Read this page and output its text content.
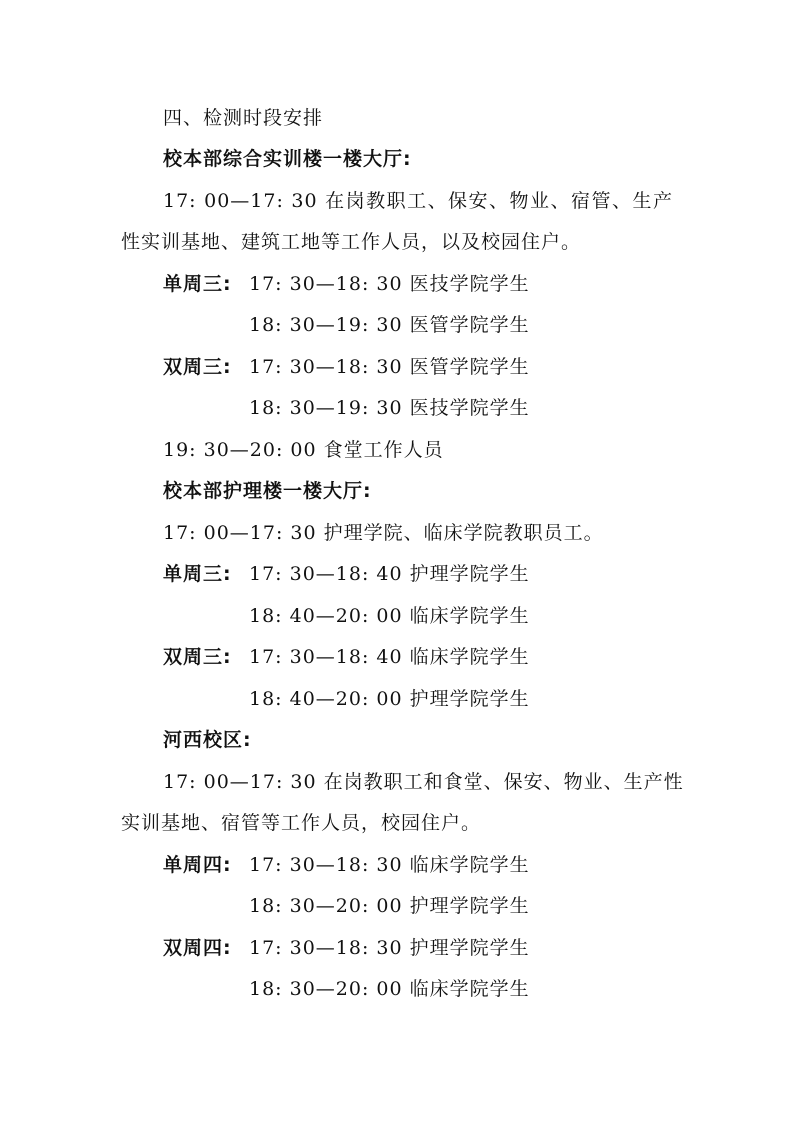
四、检测时段安排
校本部综合实训楼一楼大厅:
17: 00—17: 30 在岗教职工、保安、物业、宿管、生产
性实训基地、建筑工地等工作人员，以及校园住户。
单周三: 17: 30—18: 30 医技学院学生
18: 30—19: 30 医管学院学生
双周三: 17: 30—18: 30 医管学院学生
18: 30—19: 30 医技学院学生
19: 30—20: 00 食堂工作人员
校本部护理楼一楼大厅:
17: 00—17: 30 护理学院、临床学院教职员工。
单周三: 17: 30—18: 40 护理学院学生
18: 40—20: 00 临床学院学生
双周三: 17: 30—18: 40 临床学院学生
18: 40—20: 00 护理学院学生
河西校区:
17: 00—17: 30 在岗教职工和食堂、保安、物业、生产性
实训基地、宿管等工作人员，校园住户。
单周四: 17: 30—18: 30 临床学院学生
18: 30—20: 00 护理学院学生
双周四: 17: 30—18: 30 护理学院学生
18: 30—20: 00 临床学院学生
